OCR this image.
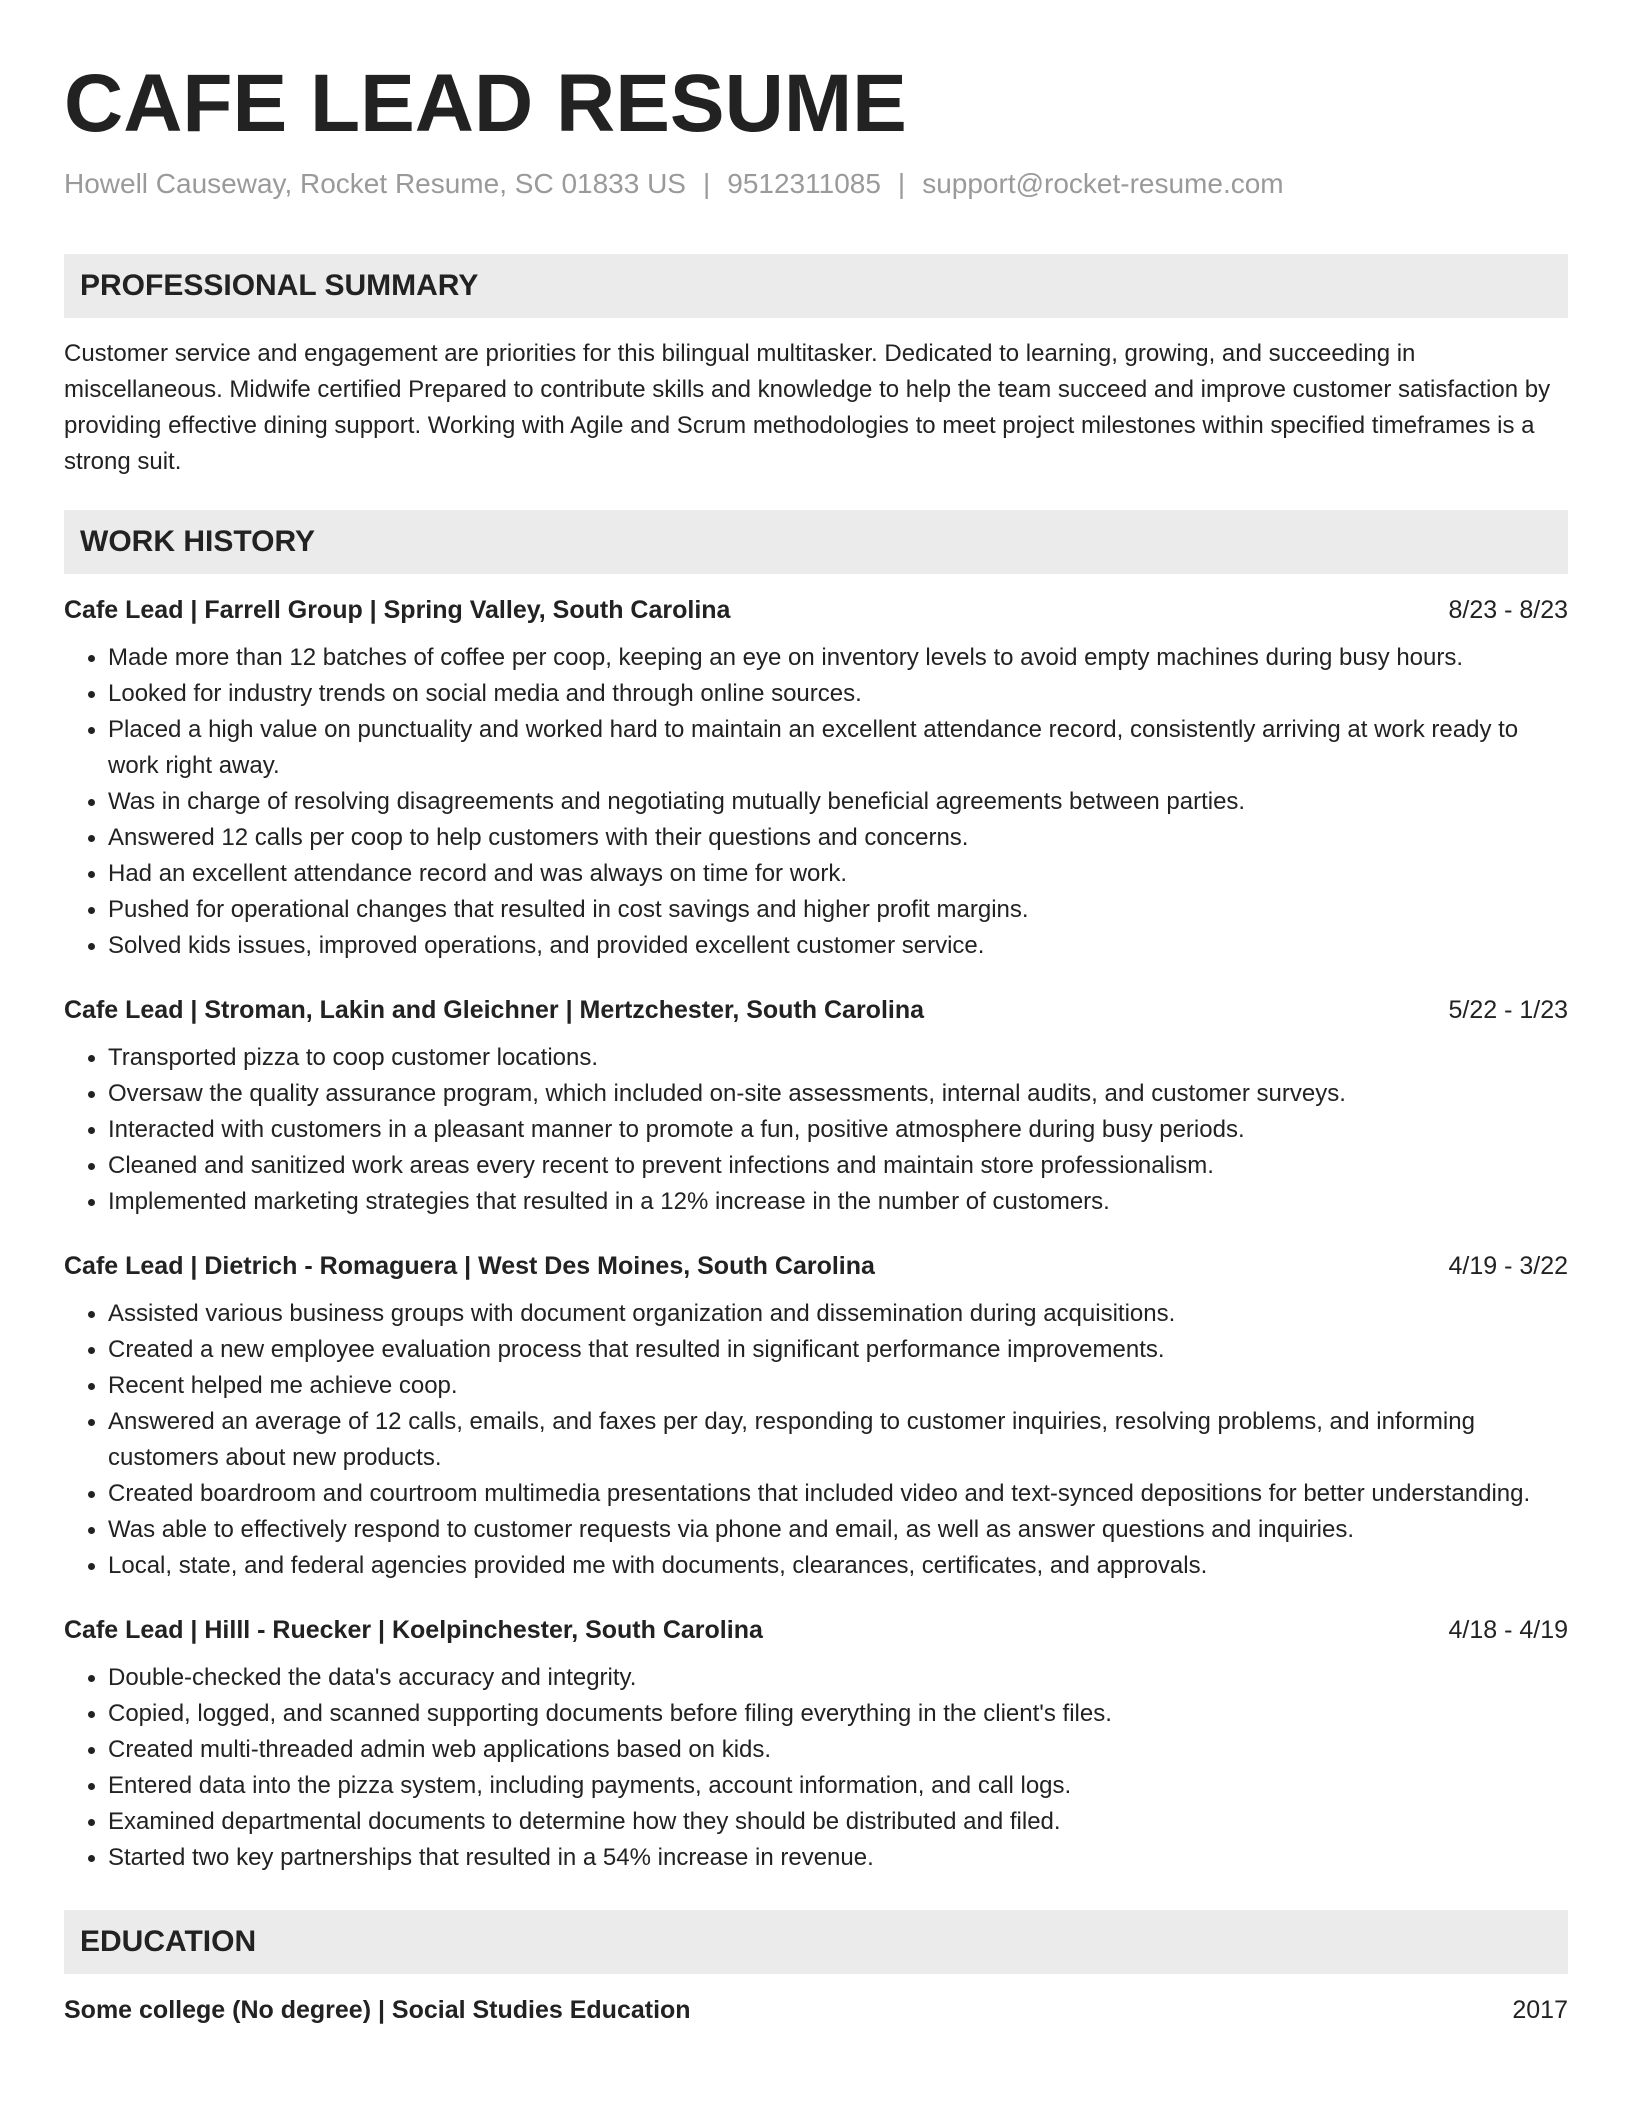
CAFE LEAD RESUME
Howell Causeway, Rocket Resume, SC 01833 US | 9512311085 | support@rocket-resume.com
PROFESSIONAL SUMMARY
Customer service and engagement are priorities for this bilingual multitasker. Dedicated to learning, growing, and succeeding in miscellaneous. Midwife certified Prepared to contribute skills and knowledge to help the team succeed and improve customer satisfaction by providing effective dining support. Working with Agile and Scrum methodologies to meet project milestones within specified timeframes is a strong suit.
WORK HISTORY
Cafe Lead | Farrell Group | Spring Valley, South Carolina	8/23 - 8/23
• Made more than 12 batches of coffee per coop, keeping an eye on inventory levels to avoid empty machines during busy hours.
• Looked for industry trends on social media and through online sources.
• Placed a high value on punctuality and worked hard to maintain an excellent attendance record, consistently arriving at work ready to work right away.
• Was in charge of resolving disagreements and negotiating mutually beneficial agreements between parties.
• Answered 12 calls per coop to help customers with their questions and concerns.
• Had an excellent attendance record and was always on time for work.
• Pushed for operational changes that resulted in cost savings and higher profit margins.
• Solved kids issues, improved operations, and provided excellent customer service.
Cafe Lead | Stroman, Lakin and Gleichner | Mertzchester, South Carolina	5/22 - 1/23
• Transported pizza to coop customer locations.
• Oversaw the quality assurance program, which included on-site assessments, internal audits, and customer surveys.
• Interacted with customers in a pleasant manner to promote a fun, positive atmosphere during busy periods.
• Cleaned and sanitized work areas every recent to prevent infections and maintain store professionalism.
• Implemented marketing strategies that resulted in a 12% increase in the number of customers.
Cafe Lead | Dietrich - Romaguera | West Des Moines, South Carolina	4/19 - 3/22
• Assisted various business groups with document organization and dissemination during acquisitions.
• Created a new employee evaluation process that resulted in significant performance improvements.
• Recent helped me achieve coop.
• Answered an average of 12 calls, emails, and faxes per day, responding to customer inquiries, resolving problems, and informing customers about new products.
• Created boardroom and courtroom multimedia presentations that included video and text-synced depositions for better understanding.
• Was able to effectively respond to customer requests via phone and email, as well as answer questions and inquiries.
• Local, state, and federal agencies provided me with documents, clearances, certificates, and approvals.
Cafe Lead | Hilll - Ruecker | Koelpinchester, South Carolina	4/18 - 4/19
• Double-checked the data's accuracy and integrity.
• Copied, logged, and scanned supporting documents before filing everything in the client's files.
• Created multi-threaded admin web applications based on kids.
• Entered data into the pizza system, including payments, account information, and call logs.
• Examined departmental documents to determine how they should be distributed and filed.
• Started two key partnerships that resulted in a 54% increase in revenue.
EDUCATION
Some college (No degree) | Social Studies Education	2017
